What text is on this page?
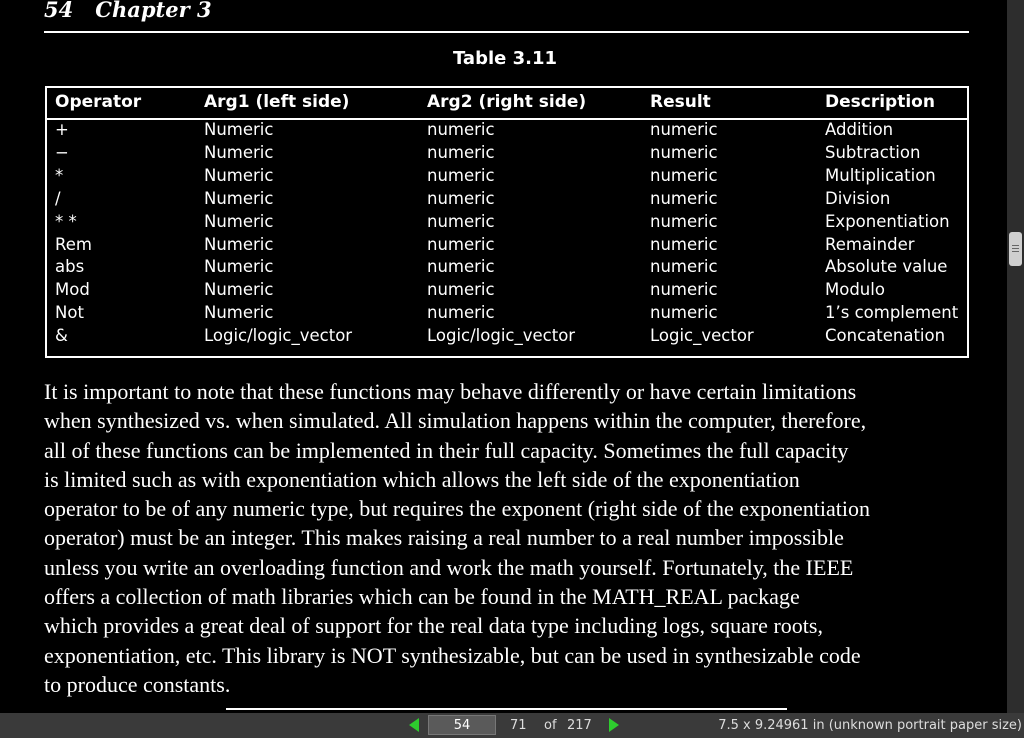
54 Chapter 3
Table 3.11
Operator	Arg1 (left side)	Arg2 (right side)	Result	Description
+	Numeric	numeric	numeric	Addition
−	Numeric	numeric	numeric	Subtraction
*	Numeric	numeric	numeric	Multiplication
/	Numeric	numeric	numeric	Division
* *	Numeric	numeric	numeric	Exponentiation
Rem	Numeric	numeric	numeric	Remainder
abs	Numeric	numeric	numeric	Absolute value
Mod	Numeric	numeric	numeric	Modulo
Not	Numeric	numeric	numeric	1’s complement
&	Logic/logic_vector	Logic/logic_vector	Logic_vector	Concatenation
It is important to note that these functions may behave differently or have certain limitations
when synthesized vs. when simulated. All simulation happens within the computer, therefore,
all of these functions can be implemented in their full capacity. Sometimes the full capacity
is limited such as with exponentiation which allows the left side of the exponentiation
operator to be of any numeric type, but requires the exponent (right side of the exponentiation
operator) must be an integer. This makes raising a real number to a real number impossible
unless you write an overloading function and work the math yourself. Fortunately, the IEEE
offers a collection of math libraries which can be found in the MATH_REAL package
which provides a great deal of support for the real data type including logs, square roots,
exponentiation, etc. This library is NOT synthesizable, but can be used in synthesizable code
to produce constants.
54
71 of 217	7.5 x 9.24961 in (unknown portrait paper size)
